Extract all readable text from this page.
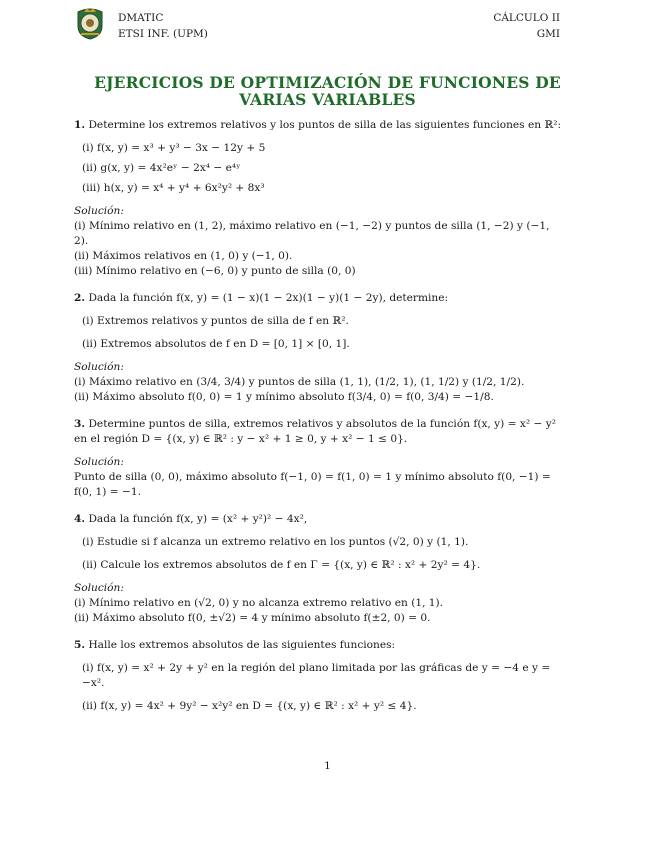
DMATIC
ETSI INF. (UPM)
CÁLCULO II
GMI
EJERCICIOS DE OPTIMIZACIÓN DE FUNCIONES DE VARIAS VARIABLES

1. Determine los extremos relativos y los puntos de silla de las siguientes funciones en ℝ²:

(i) f(x, y) = x³ + y³ − 3x − 12y + 5

(ii) g(x, y) = 4x²eʸ − 2x⁴ − e⁴ʸ

(iii) h(x, y) = x⁴ + y⁴ + 6x²y² + 8x³

Solución:

(i) Mínimo relativo en (1, 2), máximo relativo en (−1, −2) y puntos de silla (1, −2) y (−1, 2).

(ii) Máximos relativos en (1, 0) y (−1, 0).

(iii) Mínimo relativo en (−6, 0) y punto de silla (0, 0)

2. Dada la función f(x, y) = (1 − x)(1 − 2x)(1 − y)(1 − 2y), determine:

(i) Extremos relativos y puntos de silla de f en ℝ².

(ii) Extremos absolutos de f en D = [0, 1] × [0, 1].

Solución:

(i) Máximo relativo en (3/4, 3/4) y puntos de silla (1, 1), (1/2, 1), (1, 1/2) y (1/2, 1/2).

(ii) Máximo absoluto f(0, 0) = 1 y mínimo absoluto f(3/4, 0) = f(0, 3/4) = −1/8.

3. Determine puntos de silla, extremos relativos y absolutos de la función f(x, y) = x² − y² en el región D = {(x, y) ∈ ℝ² : y − x² + 1 ≥ 0, y + x² − 1 ≤ 0}.

Solución:

Punto de silla (0, 0), máximo absoluto f(−1, 0) = f(1, 0) = 1 y mínimo absoluto f(0, −1) = f(0, 1) = −1.

4. Dada la función f(x, y) = (x² + y²)² − 4x²,

(i) Estudie si f alcanza un extremo relativo en los puntos (√2, 0) y (1, 1).

(ii) Calcule los extremos absolutos de f en Γ = {(x, y) ∈ ℝ² : x² + 2y² = 4}.

Solución:

(i) Mínimo relativo en (√2, 0) y no alcanza extremo relativo en (1, 1).

(ii) Máximo absoluto f(0, ±√2) = 4 y mínimo absoluto f(±2, 0) = 0.

5. Halle los extremos absolutos de las siguientes funciones:

(i) f(x, y) = x² + 2y + y² en la región del plano limitada por las gráficas de y = −4 e y = −x².

(ii) f(x, y) = 4x² + 9y² − x²y² en D = {(x, y) ∈ ℝ² : x² + y² ≤ 4}.

1
